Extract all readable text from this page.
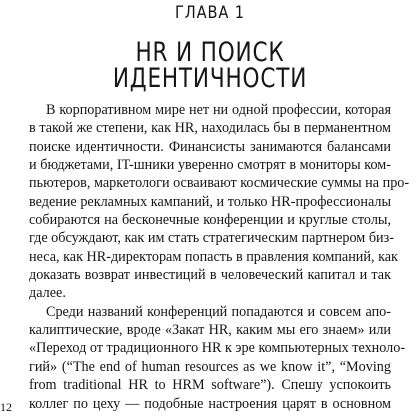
ГЛАВА 1
HR И ПОИСК
ИДЕНТИЧНОСТИ
В корпоративном мире нет ни одной профессии, которая
в такой же степени, как HR, находилась бы в перманентном
поиске идентичности. Финансисты занимаются балансами
и бюджетами, IT-шники уверенно смотрят в мониторы ком-
пьютеров, маркетологи осваивают космические суммы на про-
ведение рекламных кампаний, и только HR-профессионалы
собираются на бесконечные конференции и круглые столы,
где обсуждают, как им стать стратегическим партнером биз-
неса, как HR-директорам попасть в правления компаний, как
доказать возврат инвестиций в человеческий капитал и так
далее.
Среди названий конференций попадаются и совсем апо-
калиптические, вроде «Закат HR, каким мы его знаем» или
«Переход от традиционного HR к эре компьютерных техноло-
гий» (“The end of human resources as we know it”, “Moving
from traditional HR to HRM software”). Спешу успокоить
коллег по цеху — подобные настроения царят в основном
12
